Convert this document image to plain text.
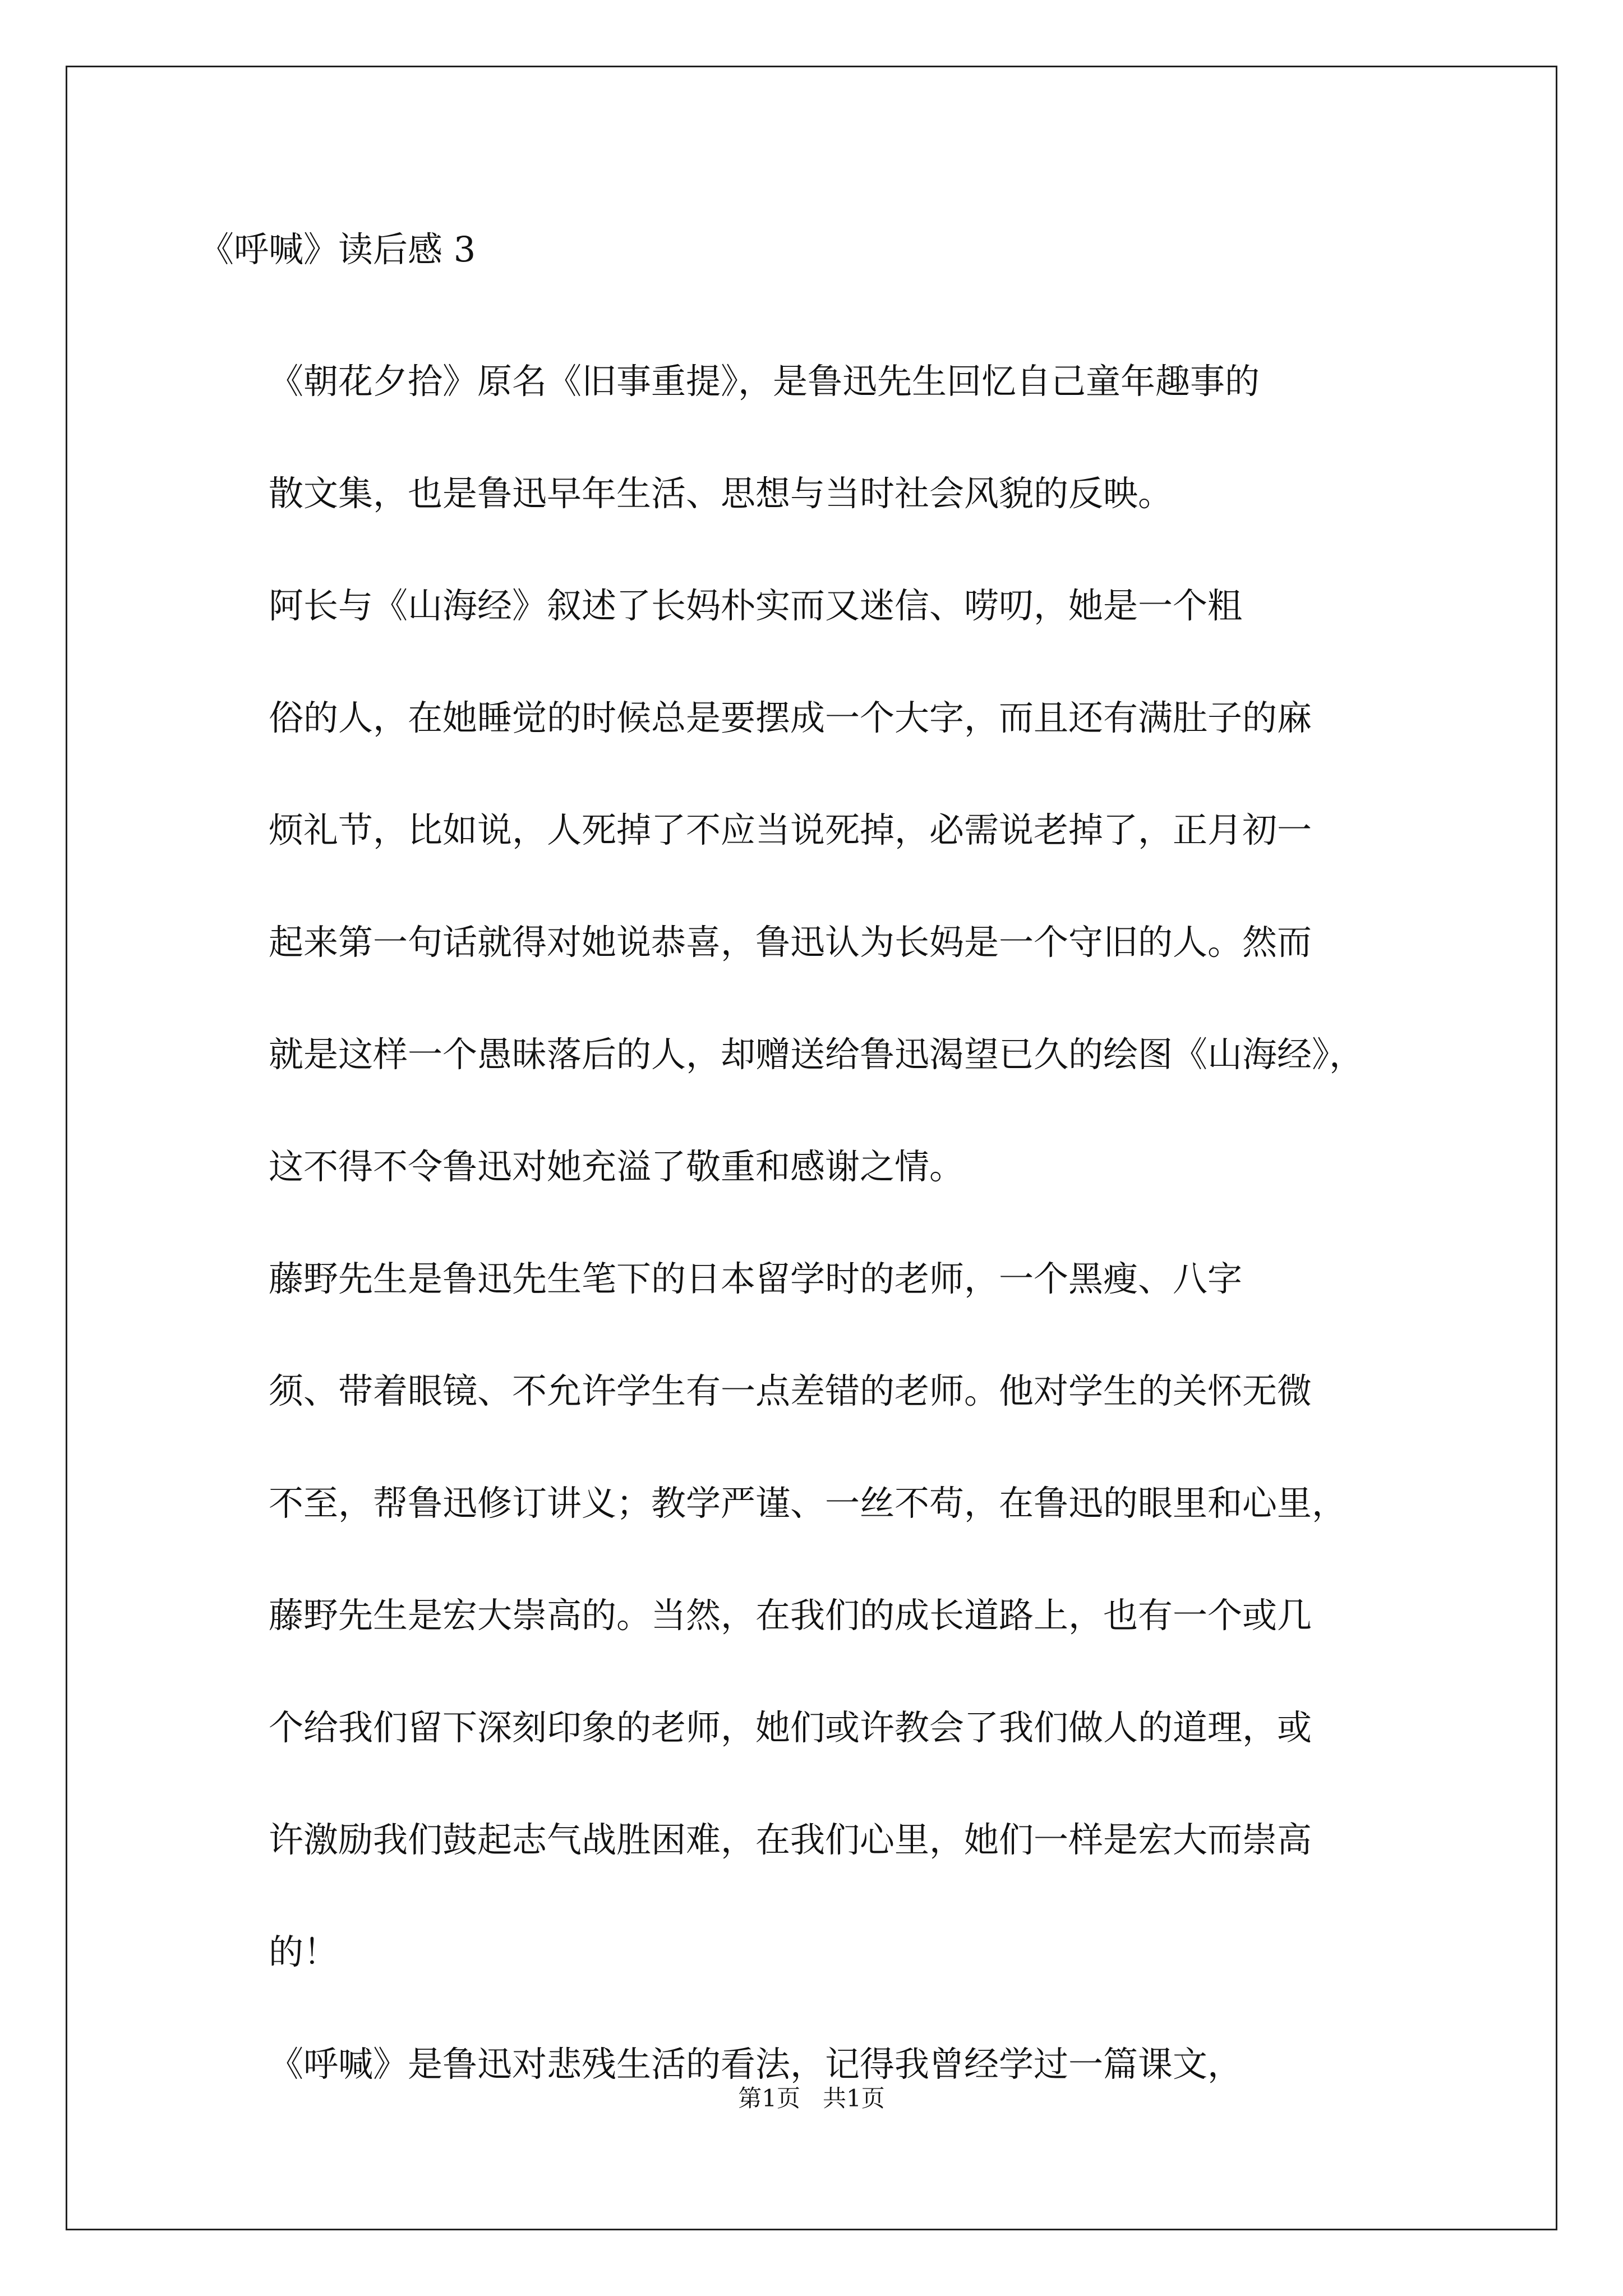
《呼喊》读后感 3

《朝花夕拾》原名《旧事重提》，是鲁迅先生回忆自己童年趣事的
散文集，也是鲁迅早年生活、思想与当时社会风貌的反映。

阿长与《山海经》叙述了长妈朴实而又迷信、唠叨，她是一个粗
俗的人，在她睡觉的时候总是要摆成一个大字，而且还有满肚子的麻
烦礼节，比如说，人死掉了不应当说死掉，必需说老掉了，正月初一
起来第一句话就得对她说恭喜，鲁迅认为长妈是一个守旧的人。然而
就是这样一个愚昧落后的人，却赠送给鲁迅渴望已久的绘图《山海经》，
这不得不令鲁迅对她充溢了敬重和感谢之情。

藤野先生是鲁迅先生笔下的日本留学时的老师，一个黑瘦、八字
须、带着眼镜、不允许学生有一点差错的老师。他对学生的关怀无微
不至，帮鲁迅修订讲义；教学严谨、一丝不苟，在鲁迅的眼里和心里，
藤野先生是宏大崇高的。当然，在我们的成长道路上，也有一个或几
个给我们留下深刻印象的老师，她们或许教会了我们做人的道理，或
许激励我们鼓起志气战胜困难，在我们心里，她们一样是宏大而崇高
的！

《呼喊》是鲁迅对悲残生活的看法，记得我曾经学过一篇课文，

第1页   共1页
